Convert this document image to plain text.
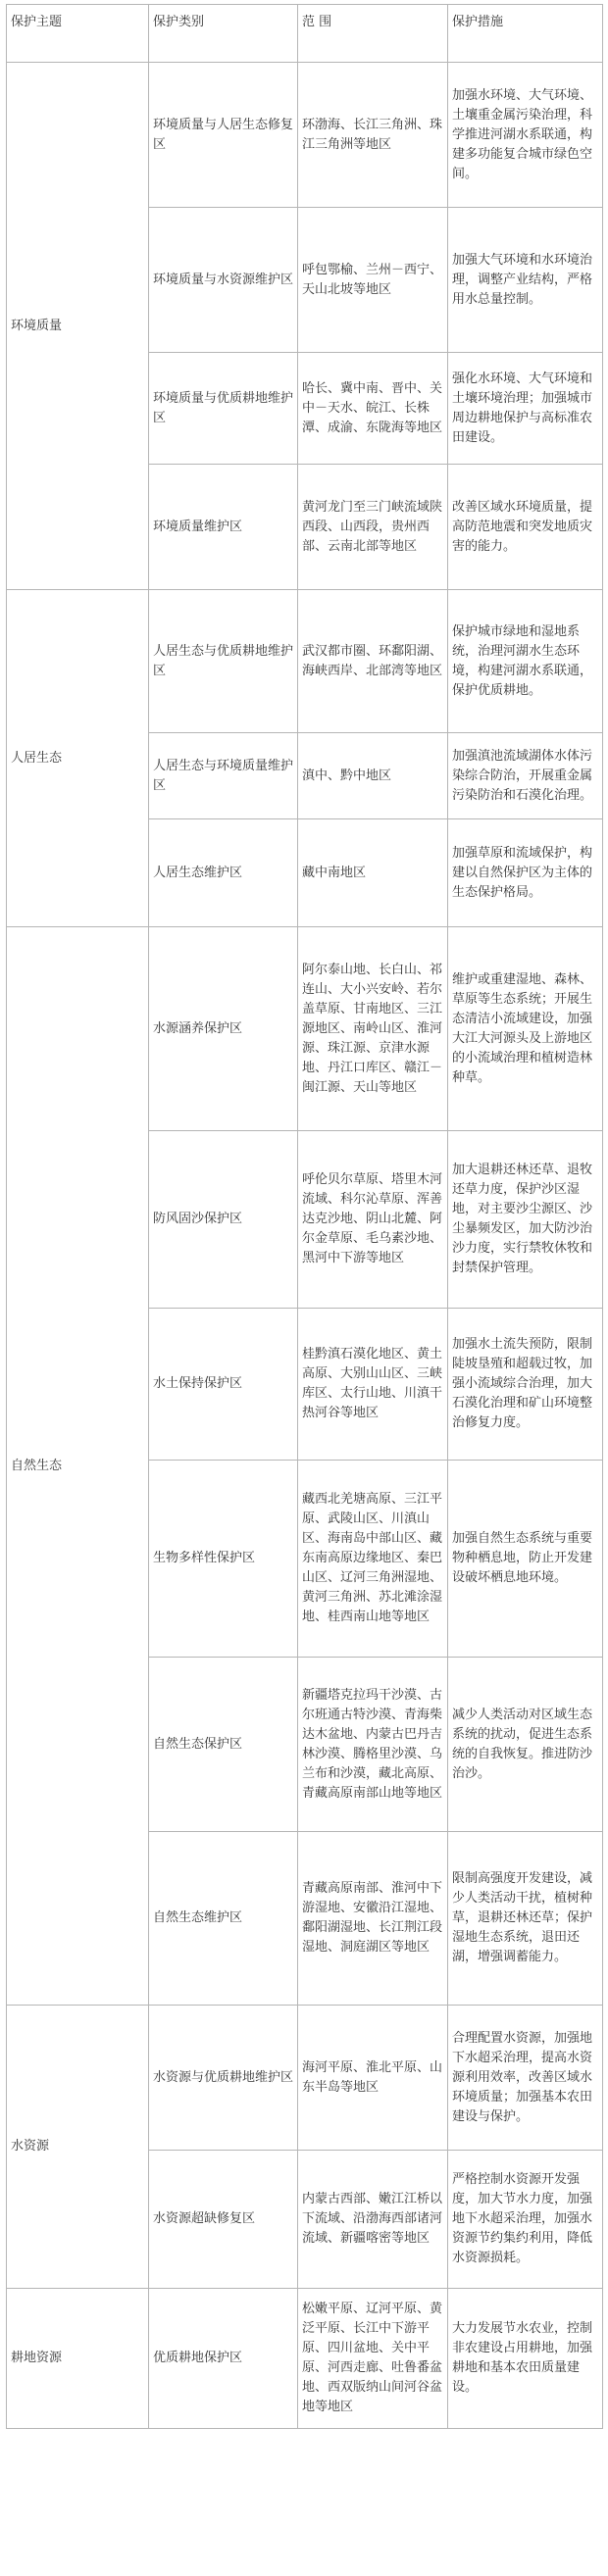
保护主题	保护类别	范 围	保护措施
环境质量	环境质量与人居生态修复区	环渤海、长江三角洲、珠江三角洲等地区	加强水环境、大气环境、土壤重金属污染治理，科学推进河湖水系联通，构建多功能复合城市绿色空间。
	环境质量与水资源维护区	呼包鄂榆、兰州－西宁、天山北坡等地区	加强大气环境和水环境治理，调整产业结构，严格用水总量控制。
	环境质量与优质耕地维护区	哈长、冀中南、晋中、关中－天水、皖江、长株潭、成渝、东陇海等地区	强化水环境、大气环境和土壤环境治理；加强城市周边耕地保护与高标准农田建设。
	环境质量维护区	黄河龙门至三门峡流域陕西段、山西段，贵州西部、云南北部等地区	改善区域水环境质量，提高防范地震和突发地质灾害的能力。
人居生态	人居生态与优质耕地维护区	武汉都市圈、环鄱阳湖、海峡西岸、北部湾等地区	保护城市绿地和湿地系统，治理河湖水生态环境，构建河湖水系联通，保护优质耕地。
	人居生态与环境质量维护区	滇中、黔中地区	加强滇池流域湖体水体污染综合防治，开展重金属污染防治和石漠化治理。
	人居生态维护区	藏中南地区	加强草原和流域保护，构建以自然保护区为主体的生态保护格局。
自然生态	水源涵养保护区	阿尔泰山地、长白山、祁连山、大小兴安岭、若尔盖草原、甘南地区、三江源地区、南岭山区、淮河源、珠江源、京津水源地、丹江口库区、赣江－闽江源、天山等地区	维护或重建湿地、森林、草原等生态系统；开展生态清洁小流域建设，加强大江大河源头及上游地区的小流域治理和植树造林种草。
	防风固沙保护区	呼伦贝尔草原、塔里木河流域、科尔沁草原、浑善达克沙地、阴山北麓、阿尔金草原、毛乌素沙地、黑河中下游等地区	加大退耕还林还草、退牧还草力度，保护沙区湿地，对主要沙尘源区、沙尘暴频发区，加大防沙治沙力度，实行禁牧休牧和封禁保护管理。
	水土保持保护区	桂黔滇石漠化地区、黄土高原、大别山山区、三峡库区、太行山地、川滇干热河谷等地区	加强水土流失预防，限制陡坡垦殖和超载过牧，加强小流域综合治理，加大石漠化治理和矿山环境整治修复力度。
	生物多样性保护区	藏西北羌塘高原、三江平原、武陵山区、川滇山区、海南岛中部山区、藏东南高原边缘地区、秦巴山区、辽河三角洲湿地、黄河三角洲、苏北滩涂湿地、桂西南山地等地区	加强自然生态系统与重要物种栖息地，防止开发建设破坏栖息地环境。
	自然生态保护区	新疆塔克拉玛干沙漠、古尔班通古特沙漠、青海柴达木盆地、内蒙古巴丹吉林沙漠、腾格里沙漠、乌兰布和沙漠，藏北高原、青藏高原南部山地等地区	减少人类活动对区域生态系统的扰动，促进生态系统的自我恢复。推进防沙治沙。
	自然生态维护区	青藏高原南部、淮河中下游湿地、安徽沿江湿地、鄱阳湖湿地、长江荆江段湿地、洞庭湖区等地区	限制高强度开发建设，减少人类活动干扰，植树种草，退耕还林还草；保护湿地生态系统，退田还湖，增强调蓄能力。
水资源	水资源与优质耕地维护区	海河平原、淮北平原、山东半岛等地区	合理配置水资源，加强地下水超采治理，提高水资源利用效率，改善区域水环境质量；加强基本农田建设与保护。
	水资源超缺修复区	内蒙古西部、嫩江江桥以下流域、沿渤海西部诸河流域、新疆喀密等地区	严格控制水资源开发强度，加大节水力度，加强地下水超采治理，加强水资源节约集约利用，降低水资源损耗。
耕地资源	优质耕地保护区	松嫩平原、辽河平原、黄泛平原、长江中下游平原、四川盆地、关中平原、河西走廊、吐鲁番盆地、西双版纳山间河谷盆地等地区	大力发展节水农业，控制非农建设占用耕地，加强耕地和基本农田质量建设。
